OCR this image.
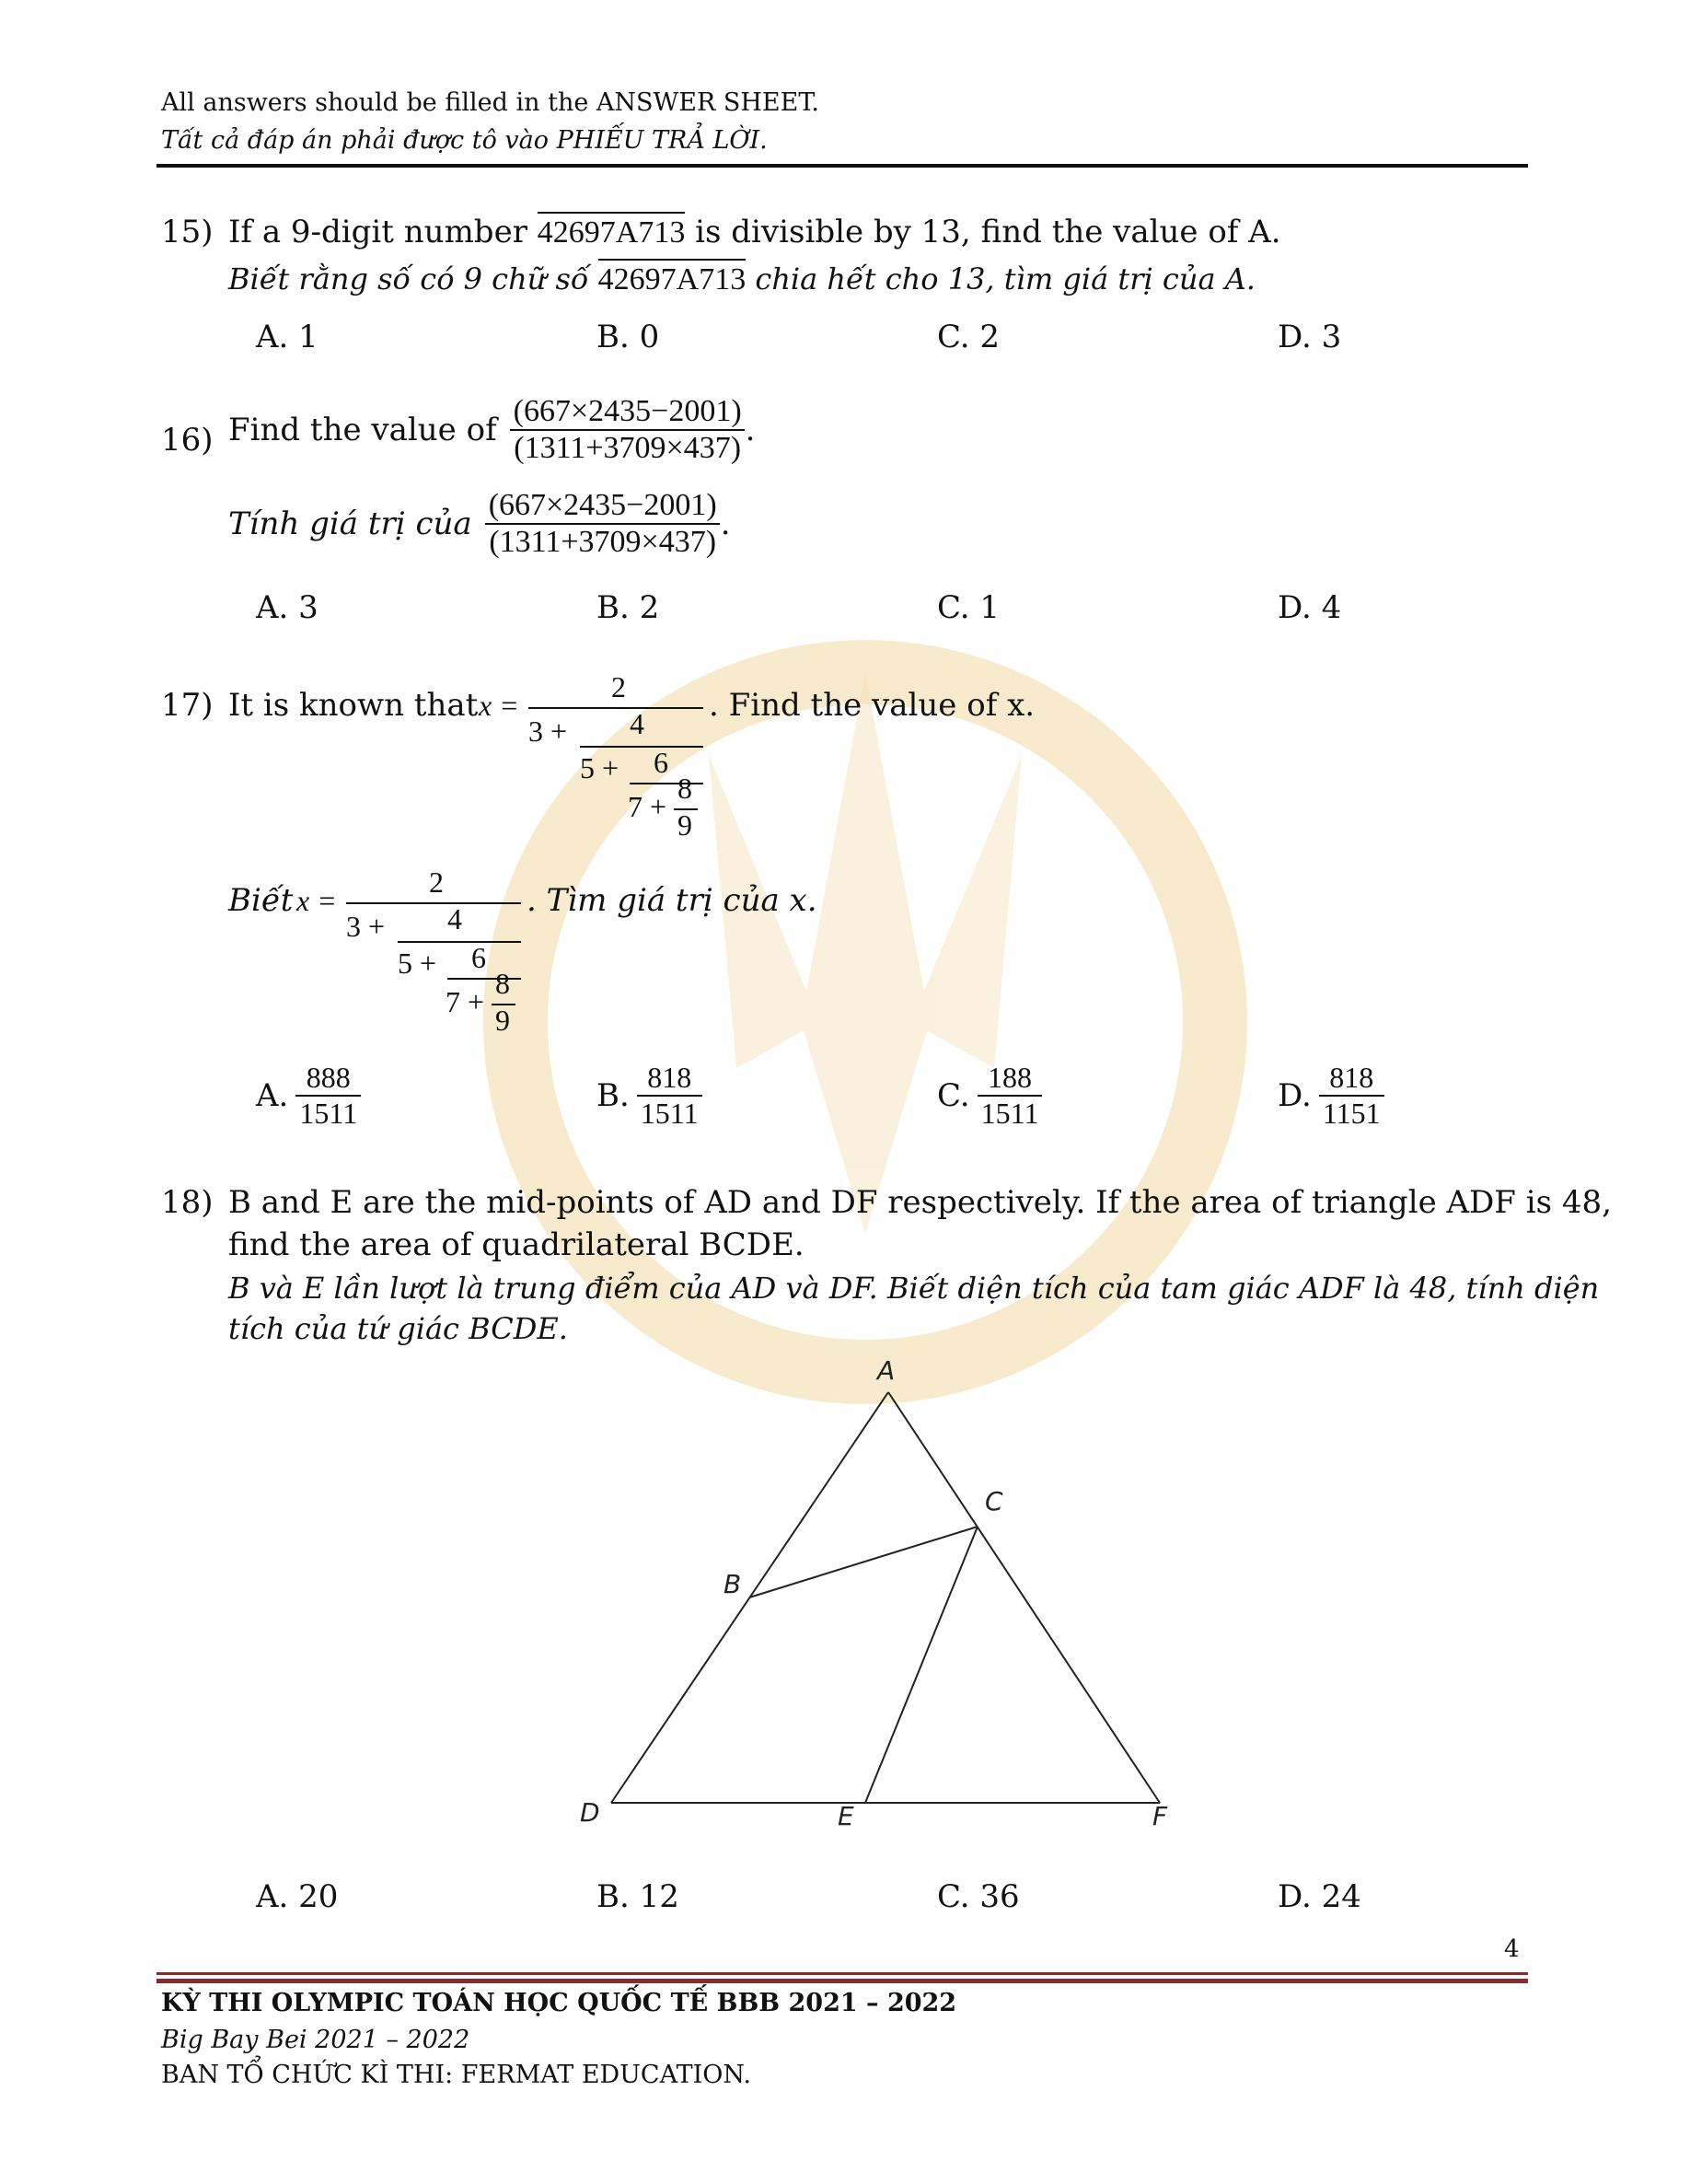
All answers should be filled in the ANSWER SHEET.
Tất cả đáp án phải được tô vào PHIẾU TRẢ LỜI.
15) If a 9-digit number 42697A713 is divisible by 13, find the value of A.
Biết rằng số có 9 chữ số 42697A713 chia hết cho 13, tìm giá trị của A.
A. 1	B. 0	C. 2	D. 3
16) Find the value of $\frac{(667\times 2435-2001)}{(1311+3709\times 437)}$ .
Tính giá trị của $\frac{(667\times 2435-2001)}{(1311+3709\times 437)}$ .
A. 3	B. 2	C. 1	D. 4
17) It is known that x =
2
3 + 4
5 + 6
7 +
8
9
. Find the value of x.
Biết x =
2
3 + 4
5 + 6
7 +
8
9
. Tìm giá trị của x.
A. $\frac{888}{1511}$	B. $\frac{818}{1511}$	C. $\frac{188}{1511}$	D. $\frac{818}{1151}$
18) B and E are the mid-points of AD and DF respectively. If the area of triangle ADF is 48,
find the area of quadrilateral BCDE.
B và E lần lượt là trung điểm của AD và DF. Biết diện tích của tam giác ADF là 48, tính diện
tích của tứ giác BCDE.
A
B
C
D	E	F
A. 20	B. 12	C. 36	D. 24
4
KỲ THI OLYMPIC TOÁN HỌC QUỐC TẾ BBB 2021 – 2022
Big Bay Bei 2021 – 2022
BAN TỔ CHỨC KÌ THI: FERMAT EDUCATION.
